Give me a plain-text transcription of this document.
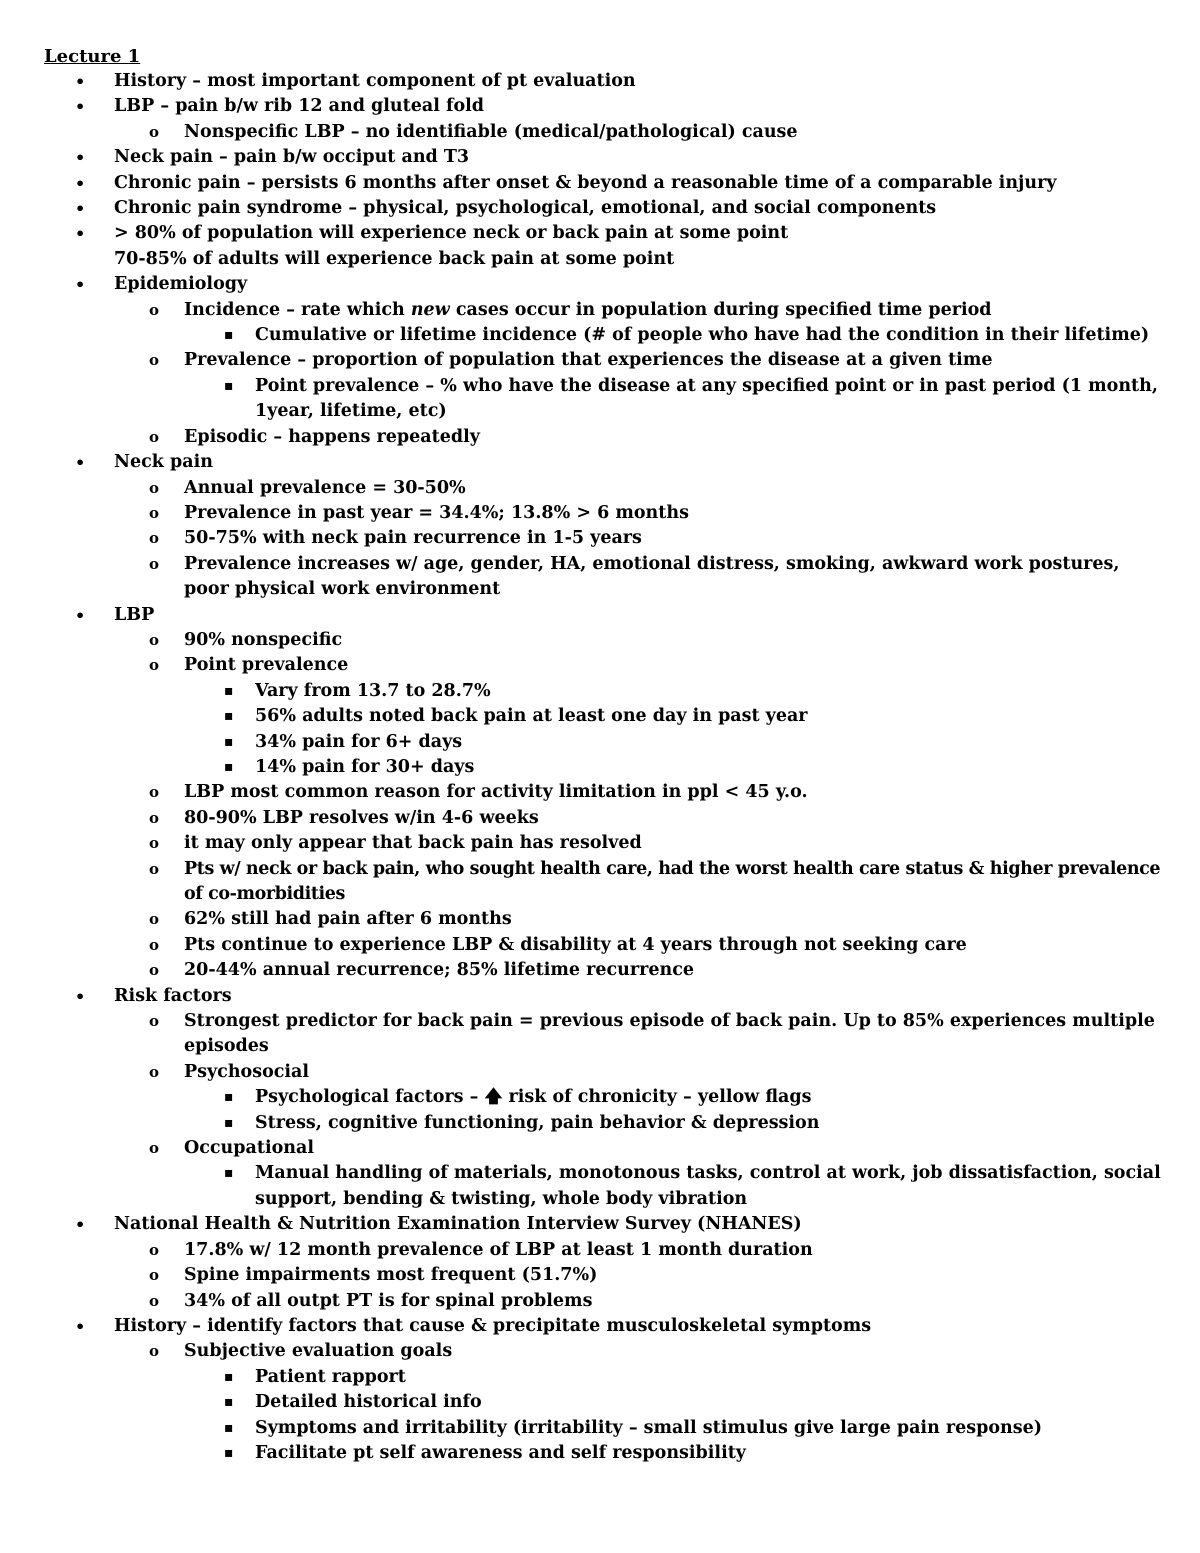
Lecture 1
• History – most important component of pt evaluation
• LBP – pain b/w rib 12 and gluteal fold
o Nonspecific LBP – no identifiable (medical/pathological) cause
• Neck pain – pain b/w occiput and T3
• Chronic pain – persists 6 months after onset & beyond a reasonable time of a comparable injury
• Chronic pain syndrome – physical, psychological, emotional, and social components
• > 80% of population will experience neck or back pain at some point
70-85% of adults will experience back pain at some point
• Epidemiology
o Incidence – rate which new cases occur in population during specified time period
▪ Cumulative or lifetime incidence (# of people who have had the condition in their lifetime)
o Prevalence – proportion of population that experiences the disease at a given time
▪ Point prevalence – % who have the disease at any specified point or in past period (1 month, 1year, lifetime, etc)
o Episodic – happens repeatedly
• Neck pain
o Annual prevalence = 30-50%
o Prevalence in past year = 34.4%; 13.8% > 6 months
o 50-75% with neck pain recurrence in 1-5 years
o Prevalence increases w/ age, gender, HA, emotional distress, smoking, awkward work postures, poor physical work environment
• LBP
o 90% nonspecific
o Point prevalence
▪ Vary from 13.7 to 28.7%
▪ 56% adults noted back pain at least one day in past year
▪ 34% pain for 6+ days
▪ 14% pain for 30+ days
o LBP most common reason for activity limitation in ppl < 45 y.o.
o 80-90% LBP resolves w/in 4-6 weeks
o it may only appear that back pain has resolved
o Pts w/ neck or back pain, who sought health care, had the worst health care status & higher prevalence of co-morbidities
o 62% still had pain after 6 months
o Pts continue to experience LBP & disability at 4 years through not seeking care
o 20-44% annual recurrence; 85% lifetime recurrence
• Risk factors
o Strongest predictor for back pain = previous episode of back pain. Up to 85% experiences multiple episodes
o Psychosocial
▪ Psychological factors – 🡅 risk of chronicity – yellow flags
▪ Stress, cognitive functioning, pain behavior & depression
o Occupational
▪ Manual handling of materials, monotonous tasks, control at work, job dissatisfaction, social support, bending & twisting, whole body vibration
• National Health & Nutrition Examination Interview Survey (NHANES)
o 17.8% w/ 12 month prevalence of LBP at least 1 month duration
o Spine impairments most frequent (51.7%)
o 34% of all outpt PT is for spinal problems
• History – identify factors that cause & precipitate musculoskeletal symptoms
o Subjective evaluation goals
▪ Patient rapport
▪ Detailed historical info
▪ Symptoms and irritability (irritability – small stimulus give large pain response)
▪ Facilitate pt self awareness and self responsibility
